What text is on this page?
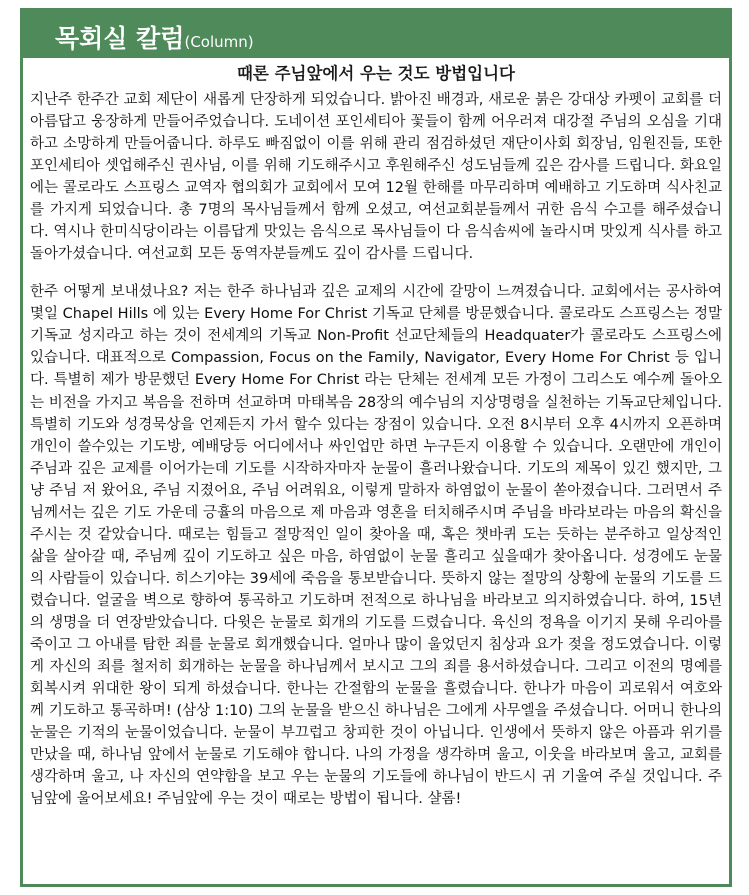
목회실 칼럼(Column)
때론 주님앞에서 우는 것도 방법입니다

지난주 한주간 교회 제단이 새롭게 단장하게 되었습니다. 밝아진 배경과, 새로운 붉은 강대상 카펫이 교회를 더 아름답고 웅장하게 만들어주었습니다. 도네이션 포인세티아 꽃들이 함께 어우러져 대강절 주님의 오심을 기대하고 소망하게 만들어줍니다. 하루도 빠짐없이 이를 위해 관리 점검하셨던 재단이사회 회장님, 임원진들, 또한 포인세티아 셋업해주신 권사님, 이를 위해 기도해주시고 후원해주신 성도님들께 깊은 감사를 드립니다. 화요일에는 콜로라도 스프링스 교역자 협의회가 교회에서 모여 12월 한해를 마무리하며 예배하고 기도하며 식사친교를 가지게 되었습니다. 총 7명의 목사님들께서 함께 오셨고, 여선교회분들께서 귀한 음식 수고를 해주셨습니다. 역시나 한미식당이라는 이름답게 맛있는 음식으로 목사님들이 다 음식솜씨에 놀라시며 맛있게 식사를 하고 돌아가셨습니다. 여선교회 모든 동역자분들께도 깊이 감사를 드립니다.

한주 어떻게 보내셨나요? 저는 한주 하나님과 깊은 교제의 시간에 갈망이 느껴졌습니다. 교회에서는 공사하여 몇일 Chapel Hills 에 있는 Every Home For Christ 기독교 단체를 방문했습니다. 콜로라도 스프링스는 정말 기독교 성지라고 하는 것이 전세계의 기독교 Non-Profit 선교단체들의 Headquater가 콜로라도 스프링스에 있습니다. 대표적으로 Compassion, Focus on the Family, Navigator, Every Home For Christ 등 입니다. 특별히 제가 방문했던 Every Home For Christ 라는 단체는 전세계 모든 가정이 그리스도 예수께 돌아오는 비전을 가지고 복음을 전하며 선교하며 마태복음 28장의 예수님의 지상명령을 실천하는 기독교단체입니다. 특별히 기도와 성경묵상을 언제든지 가서 할수 있다는 장점이 있습니다. 오전 8시부터 오후 4시까지 오픈하며 개인이 쓸수있는 기도방, 예배당등 어디에서나 싸인업만 하면 누구든지 이용할 수 있습니다. 오랜만에 개인이 주님과 깊은 교제를 이어가는데 기도를 시작하자마자 눈물이 흘러나왔습니다. 기도의 제목이 있긴 했지만, 그냥 주님 저 왔어요, 주님 지졌어요, 주님 어려워요, 이렇게 말하자 하염없이 눈물이 쏟아졌습니다. 그러면서 주님께서는 깊은 기도 가운데 긍휼의 마음으로 제 마음과 영혼을 터치해주시며 주님을 바라보라는 마음의 확신을 주시는 것 같았습니다. 때로는 힘들고 절망적인 일이 찾아올 때, 혹은 챗바퀴 도는 듯하는 분주하고 일상적인 삶을 살아갈 때, 주님께 깊이 기도하고 싶은 마음, 하염없이 눈물 흘리고 싶을때가 찾아옵니다. 성경에도 눈물의 사람들이 있습니다. 히스기야는 39세에 죽음을 통보받습니다. 뜻하지 않는 절망의 상황에 눈물의 기도를 드렸습니다. 얼굴을 벽으로 향하여 통곡하고 기도하며 전적으로 하나님을 바라보고 의지하였습니다. 하여, 15년의 생명을 더 연장받았습니다. 다윗은 눈물로 회개의 기도를 드렸습니다. 육신의 정욕을 이기지 못해 우리아를 죽이고 그 아내를 탐한 죄를 눈물로 회개했습니다. 얼마나 많이 울었던지 침상과 요가 젖을 정도였습니다. 이렇게 자신의 죄를 철저히 회개하는 눈물을 하나님께서 보시고 그의 죄를 용서하셨습니다. 그리고 이전의 명예를 회복시켜 위대한 왕이 되게 하셨습니다. 한나는 간절함의 눈물을 흘렸습니다. 한나가 마음이 괴로워서 여호와께 기도하고 통곡하며! (삼상 1:10) 그의 눈물을 받으신 하나님은 그에게 사무엘을 주셨습니다. 어머니 한나의 눈물은 기적의 눈물이었습니다. 눈물이 부끄럽고 창피한 것이 아닙니다. 인생에서 뜻하지 않은 아픔과 위기를 만났을 때, 하나님 앞에서 눈물로 기도해야 합니다. 나의 가정을 생각하며 울고, 이웃을 바라보며 울고, 교회를 생각하며 울고, 나 자신의 연약함을 보고 우는 눈물의 기도들에 하나님이 반드시 귀 기울여 주실 것입니다. 주님앞에 울어보세요! 주님앞에 우는 것이 때로는 방법이 됩니다. 샬롬!
